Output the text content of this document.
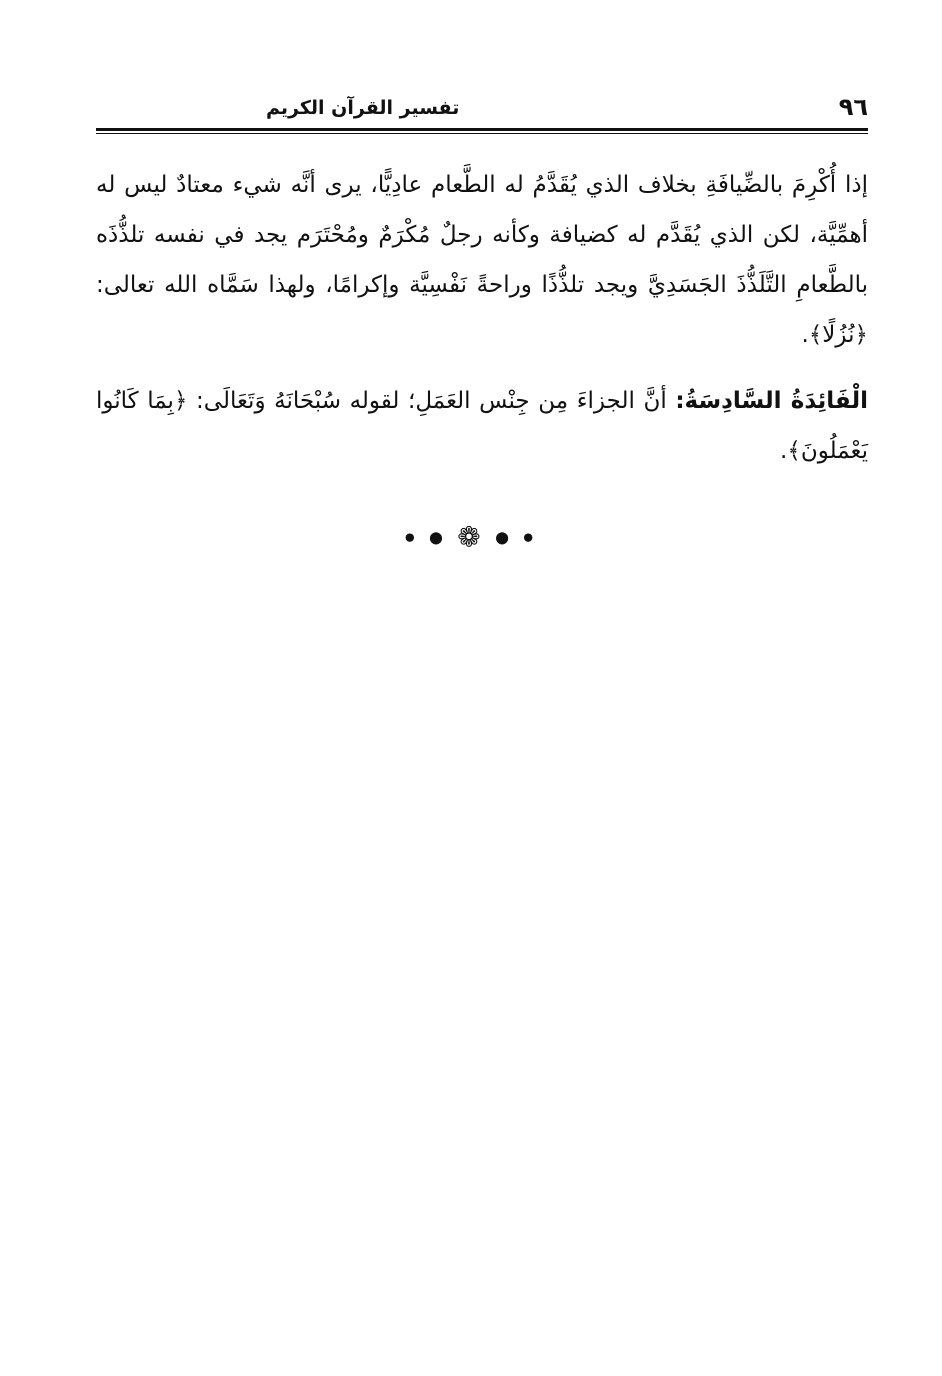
٩٦
تفسير القرآن الكريم

إذا أُكْرِمَ بالضِّيافَةِ بخلاف الذي يُقَدَّمُ له الطَّعام عادِيًّا، يرى أنَّه شيء معتادٌ ليس له أهمِّيَّة، لكن الذي يُقَدَّم له كضيافة وكأنه رجلٌ مُكْرَمٌ ومُحْتَرَم يجد في نفسه تلذُّذَه بالطَّعامِ التَّلَذُّذَ الجَسَدِيَّ ويجد تلذُّذًا وراحةً نَفْسِيَّة وإكرامًا، ولهذا سَمَّاه الله تعالى: ﴿نُزُلًا﴾.

الْفَائِدَةُ السَّادِسَةُ: أنَّ الجزاءَ مِن جِنْس العَمَلِ؛ لقوله سُبْحَانَهُ وَتَعَالَى: ﴿بِمَا كَانُوا يَعْمَلُونَ﴾.

● ● ❁ ● ●
